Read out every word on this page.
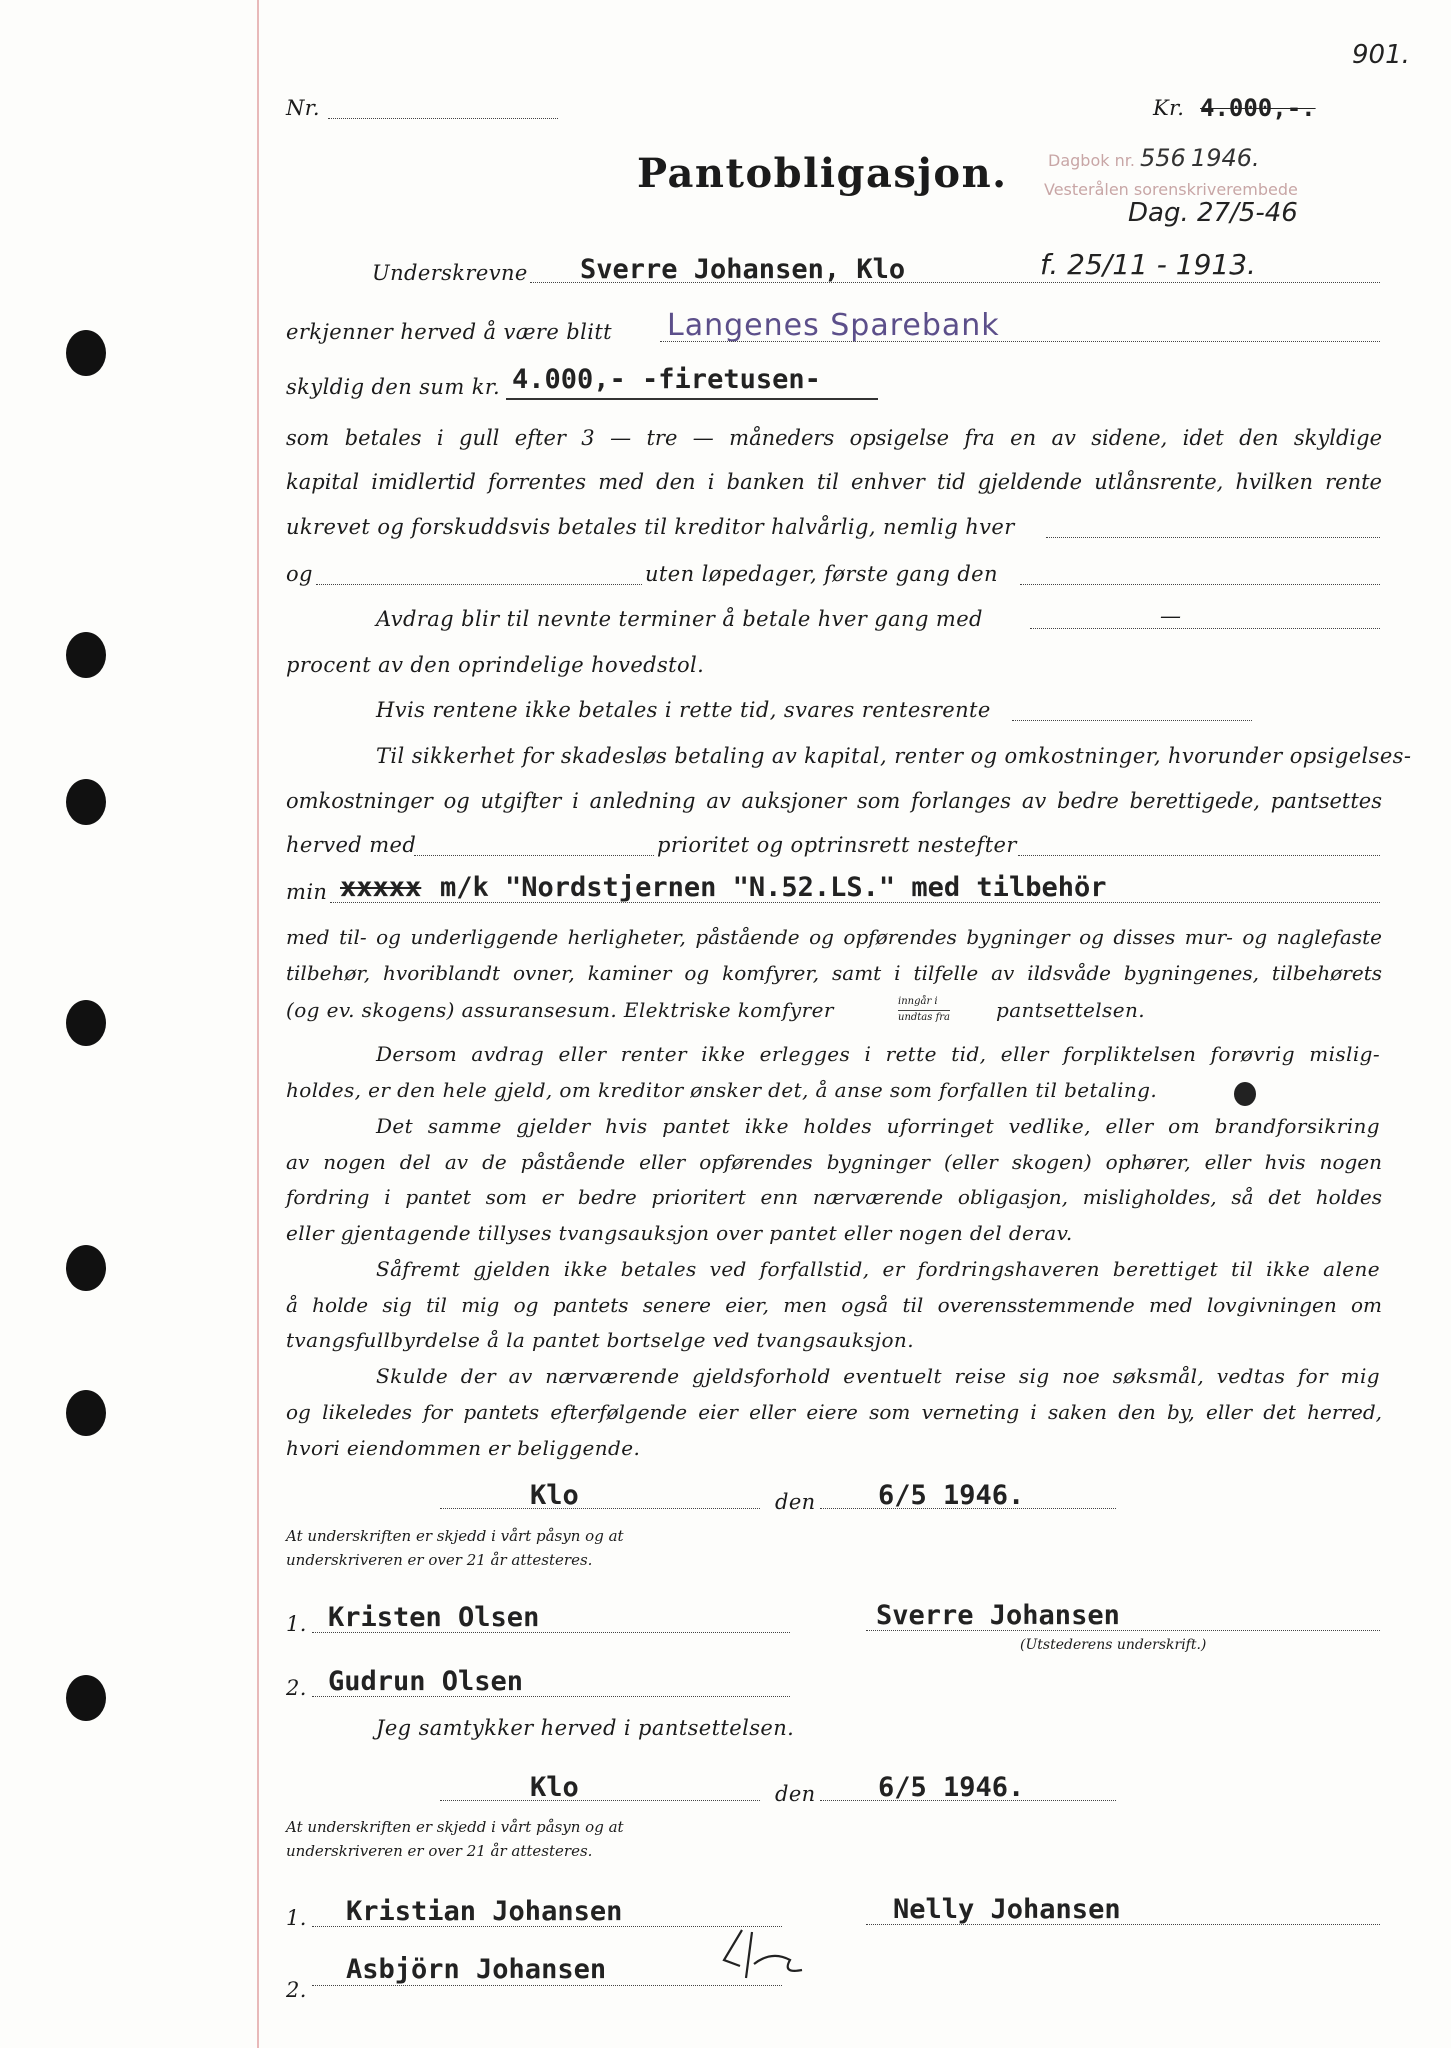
901.
Nr.	Kr. 4.000,-.
Pantobligasjon.	Dagbok nr. 556 1946.
Vesterålen sorenskriverembede
Dag. 27/5-46
Underskrevne Sverre Johansen, Klo	f. 25/11 - 1913.
erkjenner herved å være blitt Langenes Sparebank
skyldig den sum kr. 4.000,- -firetusen-
som betales i gull efter 3 — tre — måneders opsigelse fra en av sidene, idet den skyldige
kapital imidlertid forrentes med den i banken til enhver tid gjeldende utlånsrente, hvilken rente
ukrevet og forskuddsvis betales til kreditor halvårlig, nemlig hver
og	uten løpedager, første gang den
Avdrag blir til nevnte terminer å betale hver gang med	—
procent av den oprindelige hovedstol.
Hvis rentene ikke betales i rette tid, svares rentesrente
Til sikkerhet for skadesløs betaling av kapital, renter og omkostninger, hvorunder opsigelses-
omkostninger og utgifter i anledning av auksjoner som forlanges av bedre berettigede, pantsettes
herved med	prioritet og optrinsrett nestefter
min xxxxx m/k "Nordstjernen "N.52.LS." med tilbehör
med til- og underliggende herligheter, påstående og opførendes bygninger og disses mur- og naglefaste
tilbehør, hvoriblandt ovner, kaminer og komfyrer, samt i tilfelle av ildsvåde bygningenes, tilbehørets
(og ev. skogens) assuransesum. Elektriske komfyrer	inngår i
undtas fra pantsettelsen.
Dersom avdrag eller renter ikke erlegges i rette tid, eller forpliktelsen forøvrig mislig-
holdes, er den hele gjeld, om kreditor ønsker det, å anse som forfallen til betaling.
Det samme gjelder hvis pantet ikke holdes uforringet vedlike, eller om brandforsikring
av nogen del av de påstående eller opførendes bygninger (eller skogen) ophører, eller hvis nogen
fordring i pantet som er bedre prioritert enn nærværende obligasjon, misligholdes, så det holdes
eller gjentagende tillyses tvangsauksjon over pantet eller nogen del derav.
Såfremt gjelden ikke betales ved forfallstid, er fordringshaveren berettiget til ikke alene
å holde sig til mig og pantets senere eier, men også til overensstemmende med lovgivningen om
tvangsfullbyrdelse å la pantet bortselge ved tvangsauksjon.
Skulde der av nærværende gjeldsforhold eventuelt reise sig noe søksmål, vedtas for mig
og likeledes for pantets efterfølgende eier eller eiere som verneting i saken den by, eller det herred,
hvori eiendommen er beliggende.
Klo	den 6/5 1946.
At underskriften er skjedd i vårt påsyn og at
underskriveren er over 21 år attesteres.
1. Kristen Olsen	Sverre Johansen
(Utstederens underskrift.)
2. Gudrun Olsen
Jeg samtykker herved i pantsettelsen.
Klo	den 6/5 1946.
At underskriften er skjedd i vårt påsyn og at
underskriveren er over 21 år attesteres.
1. Kristian Johansen	Nelly Johansen
2.
Asbjörn Johansen
